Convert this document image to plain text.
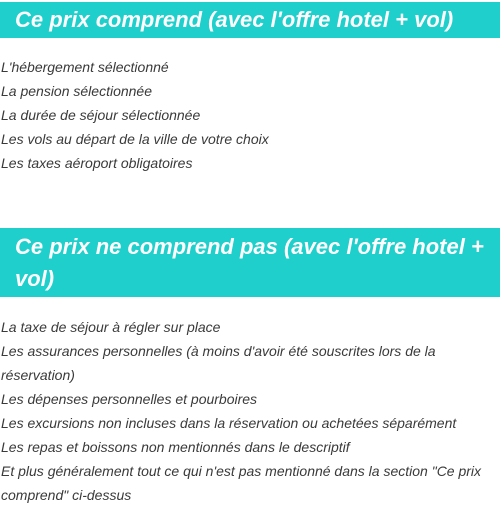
Ce prix comprend (avec l'offre hotel + vol)
L'hébergement sélectionné
La pension sélectionnée
La durée de séjour sélectionnée
Les vols au départ de la ville de votre choix
Les taxes aéroport obligatoires
Ce prix ne comprend pas (avec l'offre hotel + vol)
La taxe de séjour à régler sur place
Les assurances personnelles (à moins d'avoir été souscrites lors de la réservation)
Les dépenses personnelles et pourboires
Les excursions non incluses dans la réservation ou achetées séparément
Les repas et boissons non mentionnés dans le descriptif
Et plus généralement tout ce qui n'est pas mentionné dans la section "Ce prix comprend" ci-dessus
